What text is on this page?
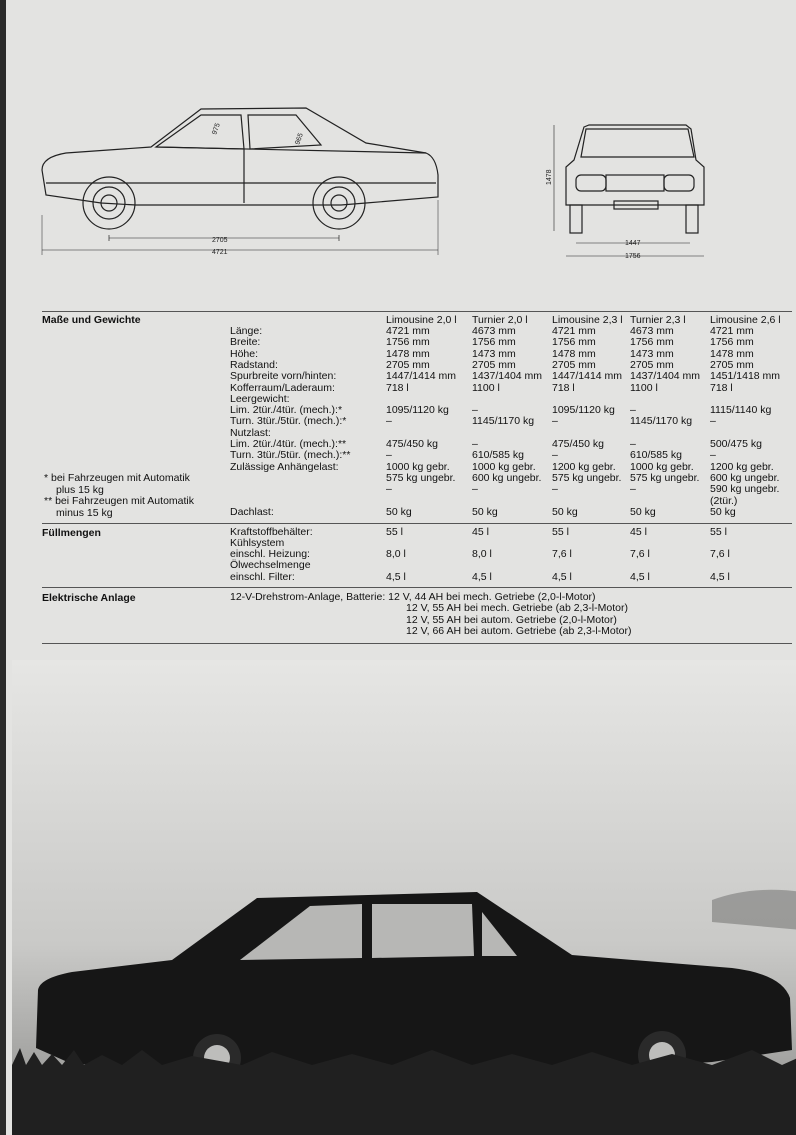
2705
4721
975
965
1478
1447
1756
Maße und Gewichte
Füllmengen
Elektrische Anlage
Limousine 2,0 l Turnier 2,0 l Limousine 2,3 l Turnier 2,3 l Limousine 2,6 l
Länge:	4721 mm	4673 mm	4721 mm	4673 mm	4721 mm
Breite:	1756 mm	1756 mm	1756 mm	1756 mm	1756 mm
Höhe:	1478 mm	1473 mm	1478 mm	1473 mm	1478 mm
Radstand:	2705 mm	2705 mm	2705 mm	2705 mm	2705 mm
Spurbreite vorn/hinten:	1447/1414 mm 1437/1404 mm 1447/1414 mm 1437/1404 mm 1451/1418 mm
Kofferraum/Laderaum:	718 l	1100 l	718 l	1100 l	718 l
Leergewicht:
Lim. 2tür./4tür. (mech.):*	1095/1120 kg –	1095/1120 kg –	1115/1140 kg
Turn. 3tür./5tür. (mech.):*	–	1145/1170 kg –	1145/1170 kg –
Nutzlast:
Lim. 2tür./4tür. (mech.):**	475/450 kg	–	475/450 kg –	500/475 kg
Turn. 3tür./5tür. (mech.):**	–	610/585 kg	–	610/585 kg	–
Zulässige Anhängelast:	1000 kg gebr. 1000 kg gebr. 1200 kg gebr. 1000 kg gebr. 1200 kg gebr.
575 kg ungebr. 600 kg ungebr. 575 kg ungebr. 575 kg ungebr. 600 kg ungebr.
–	–	–	–	590 kg ungebr.
(2tür.)
Dachlast:	50 kg	50 kg	50 kg	50 kg	50 kg
* bei Fahrzeugen mit Automatik
plus 15 kg
** bei Fahrzeugen mit Automatik
minus 15 kg
Kraftstoffbehälter:	55 l	45 l	55 l	45 l	55 l
Kühlsystem
einschl. Heizung:	8,0 l	8,0 l	7,6 l	7,6 l	7,6 l
Ölwechselmenge
einschl. Filter:	4,5 l	4,5 l	4,5 l	4,5 l	4,5 l
12-V-Drehstrom-Anlage, Batterie: 12 V, 44 AH bei mech. Getriebe (2,0-l-Motor)
12 V, 55 AH bei mech. Getriebe (ab 2,3-l-Motor)
12 V, 55 AH bei autom. Getriebe (2,0-l-Motor)
12 V, 66 AH bei autom. Getriebe (ab 2,3-l-Motor)
